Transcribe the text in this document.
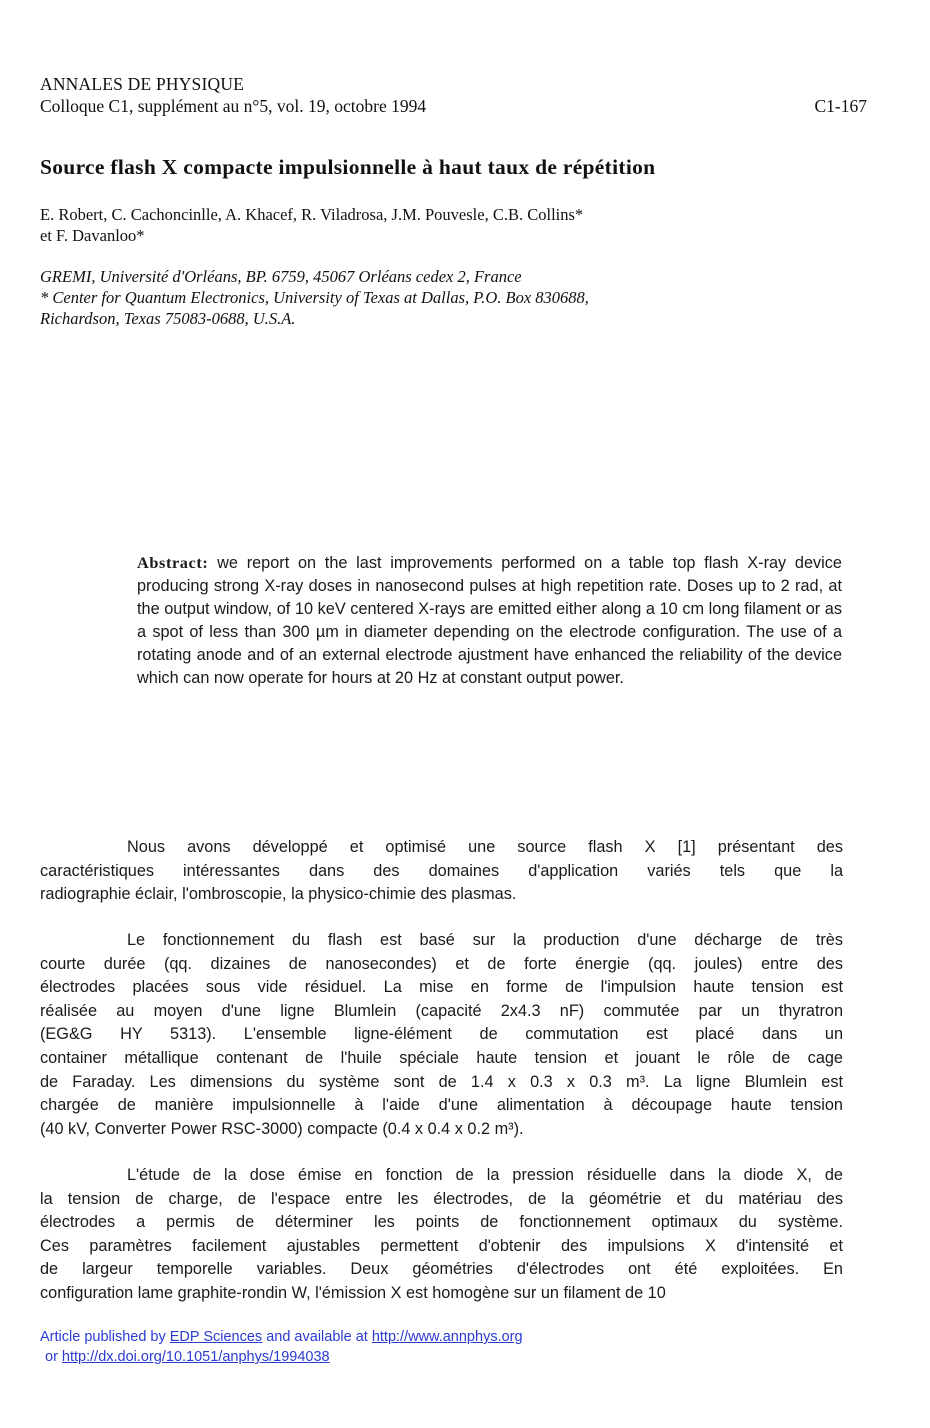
ANNALES DE PHYSIQUE
Colloque C1, supplément au n°5, vol. 19, octobre 1994	C1-167
Source flash X compacte impulsionnelle à haut taux de répétition
E. Robert, C. Cachoncinlle, A. Khacef, R. Viladrosa, J.M. Pouvesle, C.B. Collins*
et F. Davanloo*
GREMI, Université d'Orléans, BP. 6759, 45067 Orléans cedex 2, France
* Center for Quantum Electronics, University of Texas at Dallas, P.O. Box 830688,
Richardson, Texas 75083-0688, U.S.A.
Abstract: we report on the last improvements performed on a table top flash X-ray device producing strong X-ray doses in nanosecond pulses at high repetition rate. Doses up to 2 rad, at the output window, of 10 keV centered X-rays are emitted either along a 10 cm long filament or as a spot of less than 300 µm in diameter depending on the electrode configuration. The use of a rotating anode and of an external electrode ajustment have enhanced the reliability of the device which can now operate for hours at 20 Hz at constant output power.
Nous avons développé et optimisé une source flash X [1] présentant des
caractéristiques intéressantes dans des domaines d'application variés tels que la
radiographie éclair, l'ombroscopie, la physico-chimie des plasmas.
Le fonctionnement du flash est basé sur la production d'une décharge de très
courte durée (qq. dizaines de nanosecondes) et de forte énergie (qq. joules) entre des
électrodes placées sous vide résiduel. La mise en forme de l'impulsion haute tension est
réalisée au moyen d'une ligne Blumlein (capacité 2x4.3 nF) commutée par un thyratron
(EG&G HY 5313). L'ensemble ligne-élément de commutation est placé dans un
container métallique contenant de l'huile spéciale haute tension et jouant le rôle de cage
de Faraday. Les dimensions du système sont de 1.4 x 0.3 x 0.3 m³. La ligne Blumlein est
chargée de manière impulsionnelle à l'aide d'une alimentation à découpage haute tension
(40 kV, Converter Power RSC-3000) compacte (0.4 x 0.4 x 0.2 m³).
L'étude de la dose émise en fonction de la pression résiduelle dans la diode X, de
la tension de charge, de l'espace entre les électrodes, de la géométrie et du matériau des
électrodes a permis de déterminer les points de fonctionnement optimaux du système.
Ces paramètres facilement ajustables permettent d'obtenir des impulsions X d'intensité et
de largeur temporelle variables. Deux géométries d'électrodes ont été exploitées. En
configuration lame graphite-rondin W, l'émission X est homogène sur un filament de 10
Article published by EDP Sciences and available at http://www.annphys.org
or http://dx.doi.org/10.1051/anphys/1994038
